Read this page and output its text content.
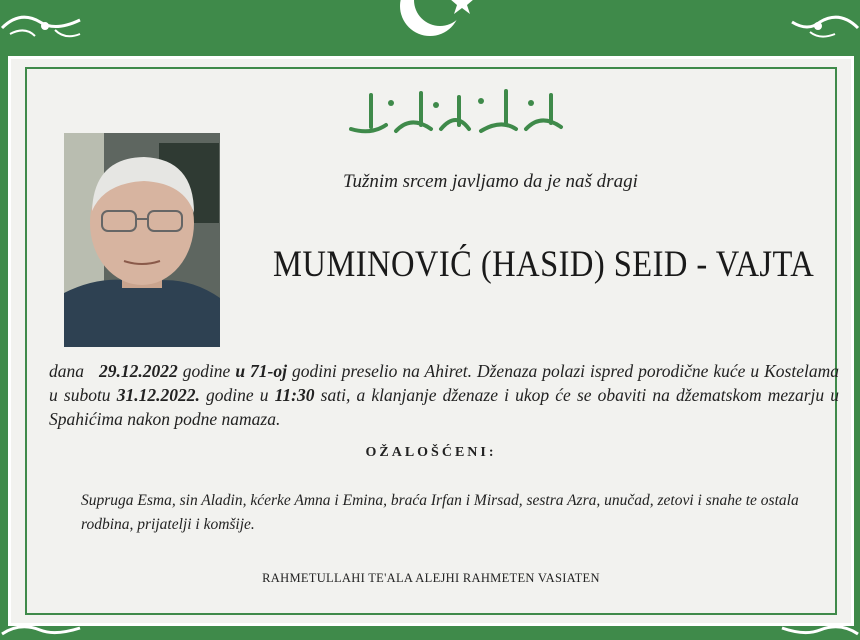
Tužnim srcem javljamo da je naš dragi
MUMINOVIĆ (HASID) SEID - VAJTA
dana 29.12.2022 godine u 71-oj godini preselio na Ahiret. Dženaza polazi ispred porodične kuće u Kostelama u subotu 31.12.2022. godine u 11:30 sati, a klanjanje dženaze i ukop će se obaviti na džematskom mezarju u Spahićima nakon podne namaza.
OŽALOŠĆENI:
Supruga Esma, sin Aladin, kćerke Amna i Emina, braća Irfan i Mirsad, sestra Azra, unučad, zetovi i snahe te ostala rodbina, prijatelji i komšije.
RAHMETULLAHI TE'ALA ALEJHI RAHMETEN VASIATEN
